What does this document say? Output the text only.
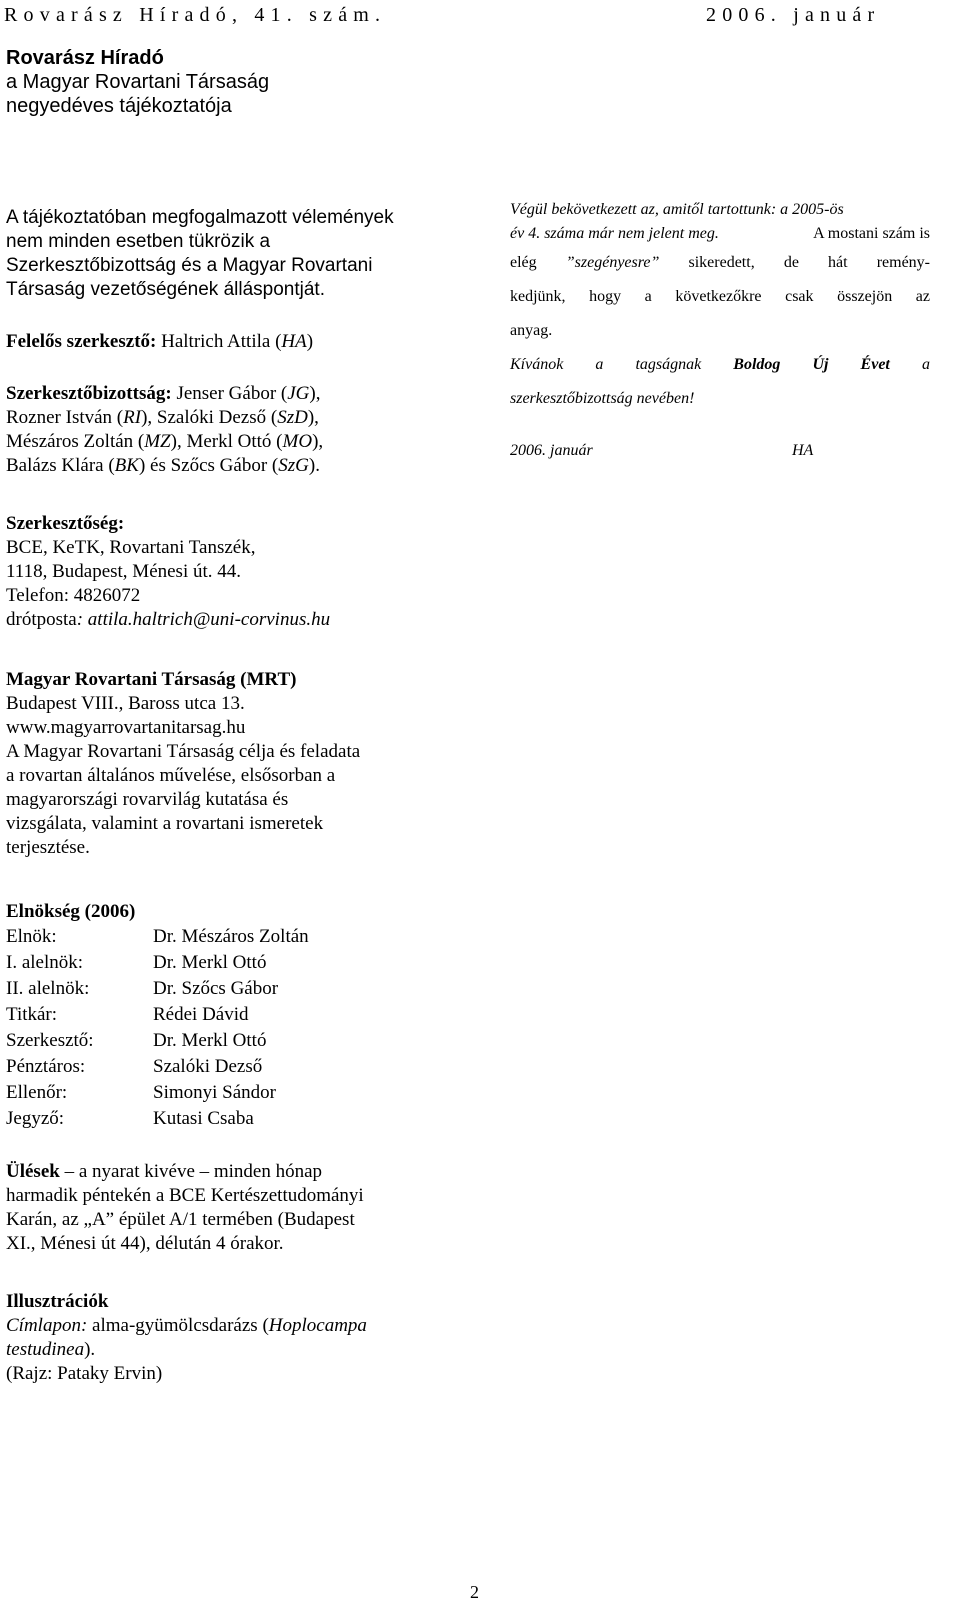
Rovarász Híradó, 41. szám.	2006. január
Rovarász Híradó
a Magyar Rovartani Társaság
negyedéves tájékoztatója
A tájékoztatóban megfogalmazott vélemények
nem minden esetben tükrözik a
Szerkesztőbizottság és a Magyar Rovartani
Társaság vezetőségének álláspontját.
Felelős szerkesztő: Haltrich Attila (HA)
Szerkesztőbizottság: Jenser Gábor (JG),
Rozner István (RI), Szalóki Dezső (SzD),
Mészáros Zoltán (MZ), Merkl Ottó (MO),
Balázs Klára (BK) és Szőcs Gábor (SzG).
Szerkesztőség:
BCE, KeTK, Rovartani Tanszék,
1118, Budapest, Ménesi út. 44.
Telefon: 4826072
drótposta: attila.haltrich@uni-corvinus.hu
Magyar Rovartani Társaság (MRT)
Budapest VIII., Baross utca 13.
www.magyarrovartanitarsag.hu
A Magyar Rovartani Társaság célja és feladata
a rovartan általános művelése, elsősorban a
magyarországi rovarvilág kutatása és
vizsgálata, valamint a rovartani ismeretek
terjesztése.
Elnökség (2006)
Elnök:	Dr. Mészáros Zoltán
I. alelnök:	Dr. Merkl Ottó
II. alelnök:	Dr. Szőcs Gábor
Titkár:	Rédei Dávid
Szerkesztő:	Dr. Merkl Ottó
Pénztáros:	Szalóki Dezső
Ellenőr:	Simonyi Sándor
Jegyző:	Kutasi Csaba
Ülések – a nyarat kivéve – minden hónap
harmadik péntekén a BCE Kertészettudományi
Karán, az „A” épület A/1 termében (Budapest
XI., Ménesi út 44), délután 4 órakor.
Illusztrációk
Címlapon: alma-gyümölcsdarázs (Hoplocampa
testudinea).
(Rajz: Pataky Ervin)
Végül bekövetkezett az, amitől tartottunk: a 2005-ös
év 4. száma már nem jelent meg.	A mostani szám is
elég ”szegényesre” sikeredett, de hát remény-
kedjünk, hogy a következőkre csak összejön az
anyag.
Kívánok a tagságnak Boldog Új Évet a
szerkesztőbizottság nevében!
2006. január	HA
2
